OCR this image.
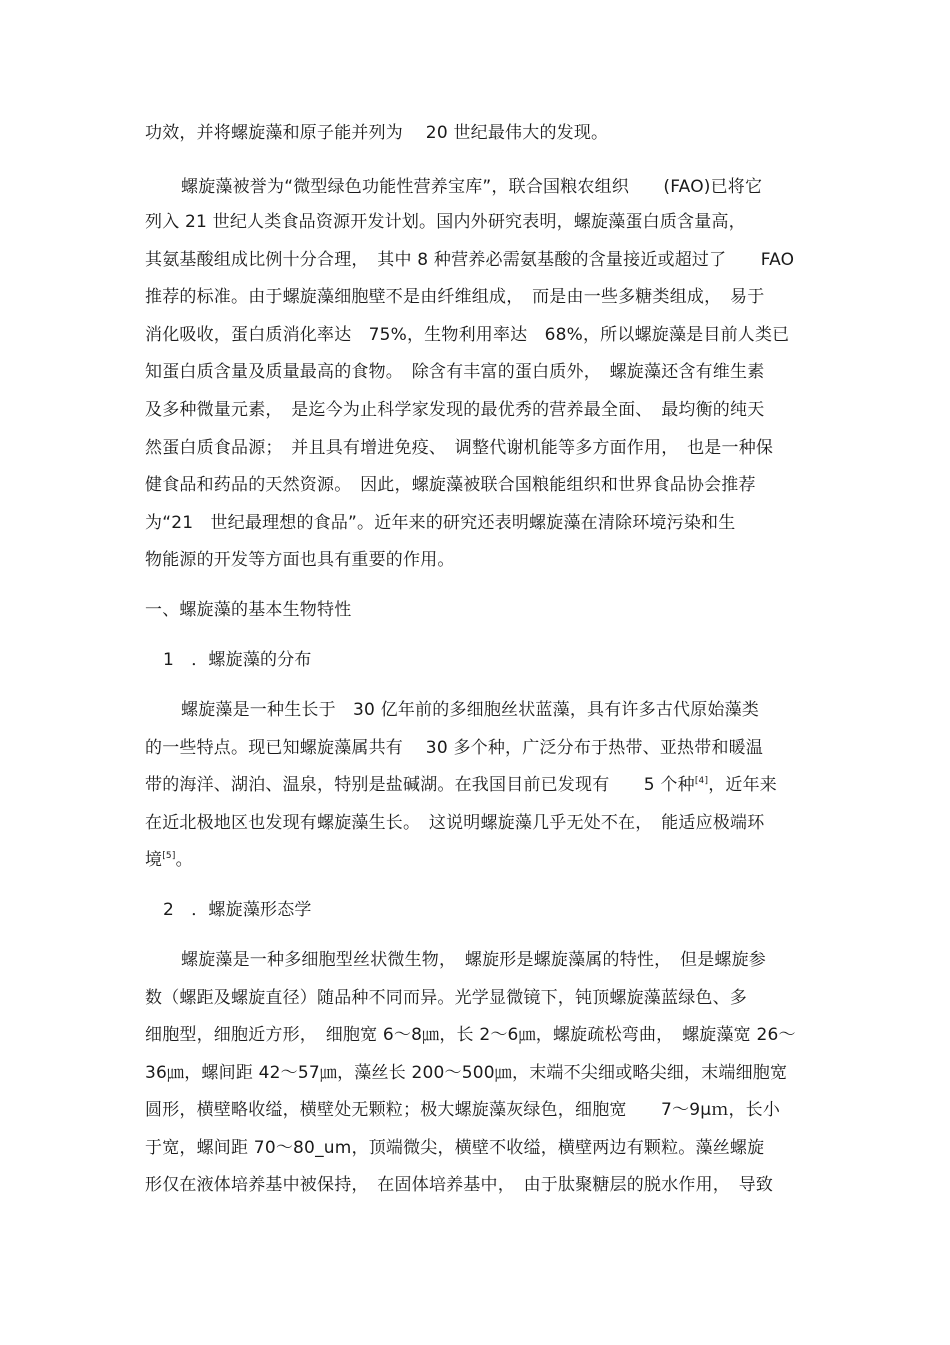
功效，并将螺旋藻和原子能并列为　 20 世纪最伟大的发现。
螺旋藻被誉为“微型绿色功能性营养宝库”，联合国粮农组织　　(FAO)已将它
列入 21 世纪人类食品资源开发计划。国内外研究表明，螺旋藻蛋白质含量高，
其氨基酸组成比例十分合理，　其中 8 种营养必需氨基酸的含量接近或超过了　　FAO
推荐的标准。由于螺旋藻细胞壁不是由纤维组成，　而是由一些多糖类组成，　易于
消化吸收，蛋白质消化率达　75%，生物利用率达　68%，所以螺旋藻是目前人类已
知蛋白质含量及质量最高的食物。　除含有丰富的蛋白质外，　螺旋藻还含有维生素
及多种微量元素，　是迄今为止科学家发现的最优秀的营养最全面、　最均衡的纯天
然蛋白质食品源；　并且具有增进免疫、　调整代谢机能等多方面作用，　也是一种保
健食品和药品的天然资源。　因此，螺旋藻被联合国粮能组织和世界食品协会推荐
为“21　世纪最理想的食品”。近年来的研究还表明螺旋藻在清除环境污染和生
物能源的开发等方面也具有重要的作用。
一、螺旋藻的基本生物特性
1　．螺旋藻的分布
螺旋藻是一种生长于　30 亿年前的多细胞丝状蓝藻，具有许多古代原始藻类
的一些特点。现已知螺旋藻属共有　 30 多个种，广泛分布于热带、亚热带和暖温
带的海洋、湖泊、温泉，特别是盐碱湖。在我国目前已发现有　　5 个种[4]，近年来
在近北极地区也发现有螺旋藻生长。　这说明螺旋藻几乎无处不在，　能适应极端环
境[5]。
2　．螺旋藻形态学
螺旋藻是一种多细胞型丝状微生物，　螺旋形是螺旋藻属的特性，　但是螺旋参
数（螺距及螺旋直径）随品种不同而异。光学显微镜下，钝顶螺旋藻蓝绿色、多
细胞型，细胞近方形，　细胞宽 6～8㎛，长 2～6㎛，螺旋疏松弯曲，　螺旋藻宽 26～
36㎛，螺间距 42～57㎛，藻丝长 200～500㎛，末端不尖细或略尖细，末端细胞宽
圆形，横壁略收缢，横壁处无颗粒；极大螺旋藻灰绿色，细胞宽　　7～9μｍ，长小
于宽，螺间距 70～80_um，顶端微尖，横壁不收缢，横壁两边有颗粒。藻丝螺旋
形仅在液体培养基中被保持，　在固体培养基中，　由于肽聚糖层的脱水作用，　导致
